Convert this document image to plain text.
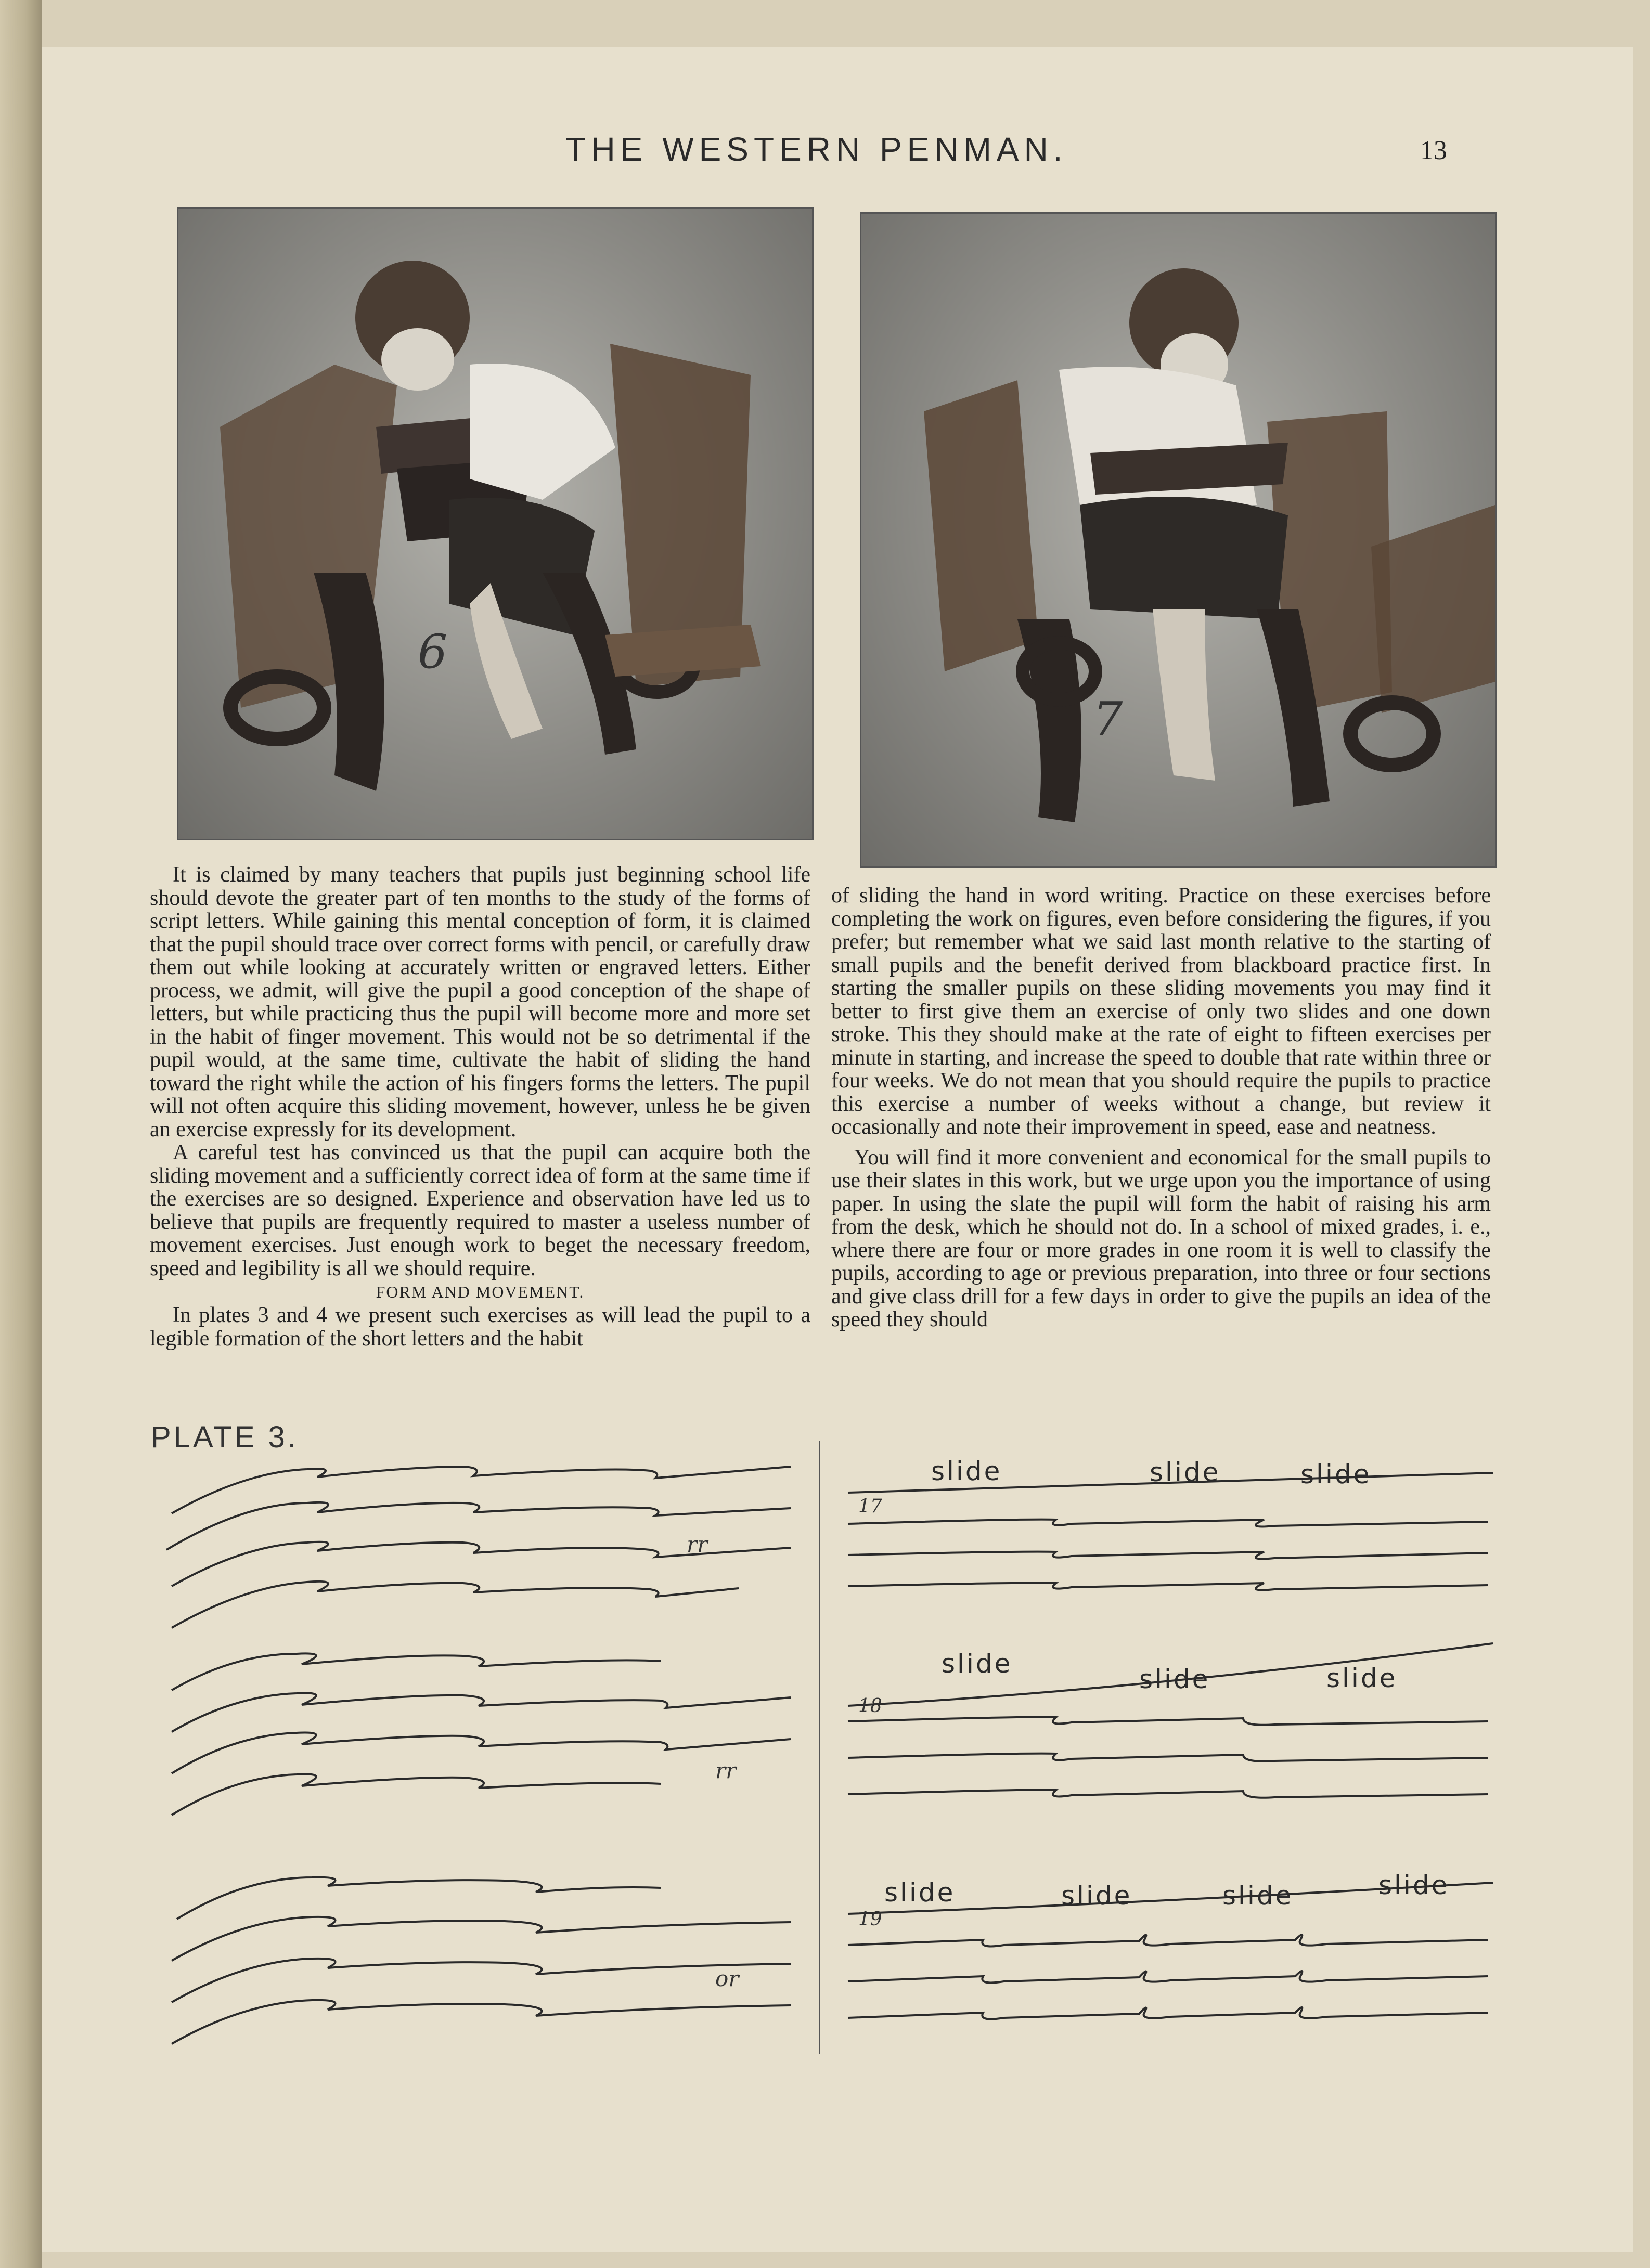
THE WESTERN PENMAN.	13
6
7

It is claimed by many teachers that pupils just beginning school life should devote the greater part of ten months to the study of the forms of script letters. While gaining this mental conception of form, it is claimed that the pupil should trace over correct forms with pencil, or carefully draw them out while looking at accurately written or engraved letters. Either process, we admit, will give the pupil a good conception of the shape of letters, but while practicing thus the pupil will become more and more set in the habit of finger movement. This would not be so detrimental if the pupil would, at the same time, cultivate the habit of sliding the hand toward the right while the action of his fingers forms the letters. The pupil will not often acquire this sliding movement, however, unless he be given an exercise expressly for its development.

A careful test has convinced us that the pupil can acquire both the sliding movement and a sufficiently correct idea of form at the same time if the exercises are so designed. Experience and observation have led us to believe that pupils are frequently required to master a useless number of movement exercises. Just enough work to beget the necessary freedom, speed and legibility is all we should require.

FORM AND MOVEMENT.

In plates 3 and 4 we present such exercises as will lead the pupil to a legible formation of the short letters and the habit

of sliding the hand in word writing. Practice on these exercises before completing the work on figures, even before considering the figures, if you prefer; but remember what we said last month relative to the starting of small pupils and the benefit derived from blackboard practice first. In starting the smaller pupils on these sliding movements you may find it better to first give them an exercise of only two slides and one down stroke. This they should make at the rate of eight to fifteen exercises per minute in starting, and increase the speed to double that rate within three or four weeks. We do not mean that you should require the pupils to practice this exercise a number of weeks without a change, but review it occasionally and note their improvement in speed, ease and neatness.

You will find it more convenient and economical for the small pupils to use their slates in this work, but we urge upon you the importance of using paper. In using the slate the pupil will form the habit of raising his arm from the desk, which he should not do. In a school of mixed grades, i. e., where there are four or more grades in one room it is well to classify the pupils, according to age or previous preparation, into three or four sections and give class drill for a few days in order to give the pupils an idea of the speed they should

PLATE 3.
rr
rr
or
17
slide	slide	slide
18
slide
slide	slide
19
slide	slide	slide	slide
